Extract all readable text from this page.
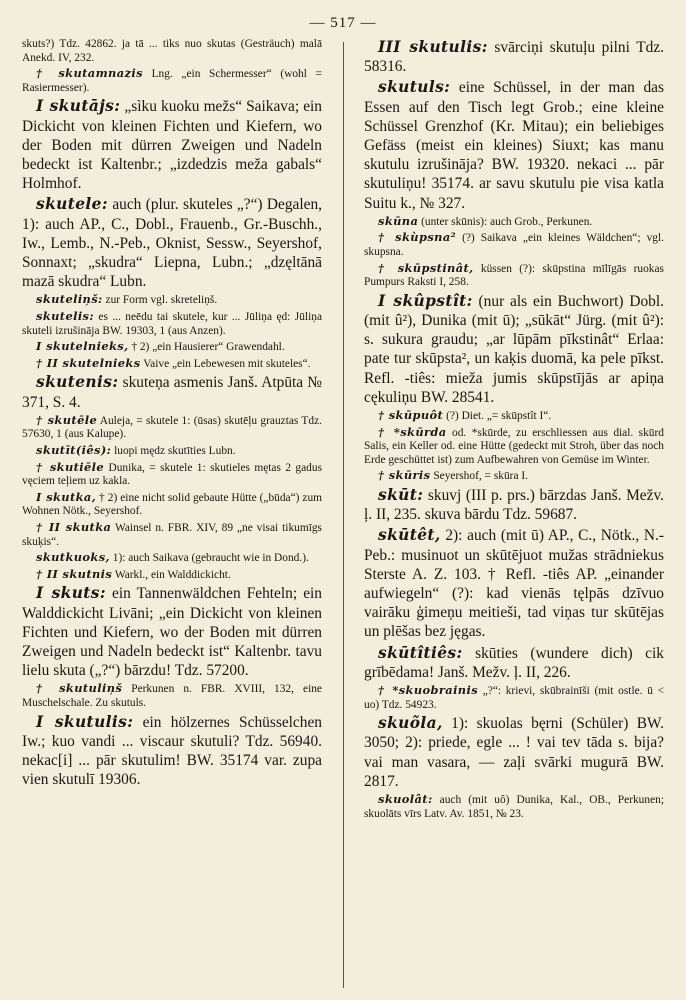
— 517 —

skuts?) Tdz. 42862. ja tā ... tiks nuo skutas (Gesträuch) malā Anekd. IV, 232.

† skutamnazis Lng. „ein Schermesser“ (wohl = Rasiermesser).

I skutājs: „sìku kuoku mežs“ Saikava; ein Dickicht von kleinen Fichten und Kiefern, wo der Boden mit dürren Zweigen und Nadeln bedeckt ist Kaltenbr.; „izdedzis meža gabals“ Holmhof.

skutele: auch (plur. skuteles „?“) Degalen, 1): auch AP., C., Dobl., Frauenb., Gr.-Buschh., Iw., Lemb., N.-Peb., Oknist, Sessw., Seyershof, Sonnaxt; „skudra“ Liepna, Lubn.; „dzęltānā mazā skudra“ Lubn.

skuteliņš: zur Form vgl. skreteliņš.

skutelis: es ... neēdu tai skutele, kur ... Jūliņa ęd: Jūliņa skuteli izrušināja BW. 19303, 1 (aus Anzen).

I skutelnieks, † 2) „ein Hausierer“ Grawendahl.

† II skutelnieks Vaive „ein Lebewesen mit skuteles“.

skutenis: skuteņa asmenis Janš. Atpūta № 371, S. 4.

† skutēle Auleja, = skutele 1: (ūsas) skutēļu grauztas Tdz. 57630, 1 (aus Kalupe).

skutīt(iês): luopi mędz skutīties Lubn.

† skutiēle Dunika, = skutele 1: skutieles mętas 2 gadus vęciem teļiem uz kakla.

I skutka, † 2) eine nicht solid gebaute Hütte („būda“) zum Wohnen Nötk., Seyershof.

† II skutka Wainsel n. FBR. XIV, 89 „ne visai tikumīgs skuķis“.

skutkuoks, 1): auch Saikava (gebraucht wie in Dond.).

† II skutnis Warkl., ein Walddickicht.

I skuts: ein Tannenwäldchen Fehteln; ein Walddickicht Livāni; „ein Dickicht von kleinen Fichten und Kiefern, wo der Boden mit dürren Zweigen und Nadeln bedeckt ist“ Kaltenbr. tavu lielu skuta („?“) bārzdu! Tdz. 57200.

† skutuliņš Perkunen n. FBR. XVIII, 132, eine Muschelschale. Zu skutuls.

I skutulis: ein hölzernes Schüsselchen Iw.; kuo vandi ... viscaur skutuli? Tdz. 56940. nekac[i] ... pār skutulim! BW. 35174 var. zupa vien skutulī 19306.

III skutulis: svārciņi skutuļu pilni Tdz. 58316.

skutuls: eine Schüssel, in der man das Essen auf den Tisch legt Grob.; eine kleine Schüssel Grenzhof (Kr. Mitau); ein beliebiges Gefäss (meist ein kleines) Siuxt; kas manu skutulu izrušināja? BW. 19320. nekaci ... pār skutuliņu! 35174. ar savu skutulu pie visa katla Suitu k., № 327.

skūna (unter skūnis): auch Grob., Perkunen.

† skùpsna² (?) Saikava „ein kleines Wäldchen“; vgl. skupsna.

† skūpstinât, küssen (?): skūpstina mīlīgās ruokas Pumpurs Raksti I, 258.

I skûpstît: (nur als ein Buchwort) Dobl. (mit û²), Dunika (mit ū); „sūkāt“ Jürg. (mit û²): s. sukura graudu; „ar lūpām pīkstinât“ Erlaa: pate tur skūpsta², un kaķis duomā, ka pele pīkst. Refl. -tiês: mieža jumis skūpstījās ar apiņa cękuliņu BW. 28541.

† skūpuôt (?) Diet. „= skūpstît I“.

† *skūrda od. *skūrde, zu erschliessen aus dial. skūrd Salis, ein Keller od. eine Hütte (gedeckt mit Stroh, über das noch Erde geschüttet ist) zum Aufbewahren von Gemüse im Winter.

† skūris Seyershof, = skūra I.

skūt: skuvj (III p. prs.) bārzdas Janš. Mežv. ļ. II, 235. skuva bārdu Tdz. 59687.

skūtêt, 2): auch (mit ū) AP., C., Nötk., N.-Peb.: musinuot un skūtējuot mužas strādniekus Sterste A. Z. 103. † Refl. -tiês AP. „einander aufwiegeln“ (?): kad vienās tęlpās dzīvuo vairāku ģimeņu meitieši, tad viņas tur skūtējas un plēšas bez jęgas.

skūtîtiês: skūties (wundere dich) cik grībēdama! Janš. Mežv. ļ. II, 226.

† *skuobrainis „?“: krievi, skūbrainīši (mit ostle. ū < uo) Tdz. 54923.

skuõla, 1): skuolas bęrni (Schüler) BW. 3050; 2): priede, egle ... ! vai tev tāda s. bija? vai man vasara, — zaļi svārki mugurā BW. 2817.

skuolât: auch (mit uô) Dunika, Kal., OB., Perkunen; skuolāts vīrs Latv. Av. 1851, № 23.
